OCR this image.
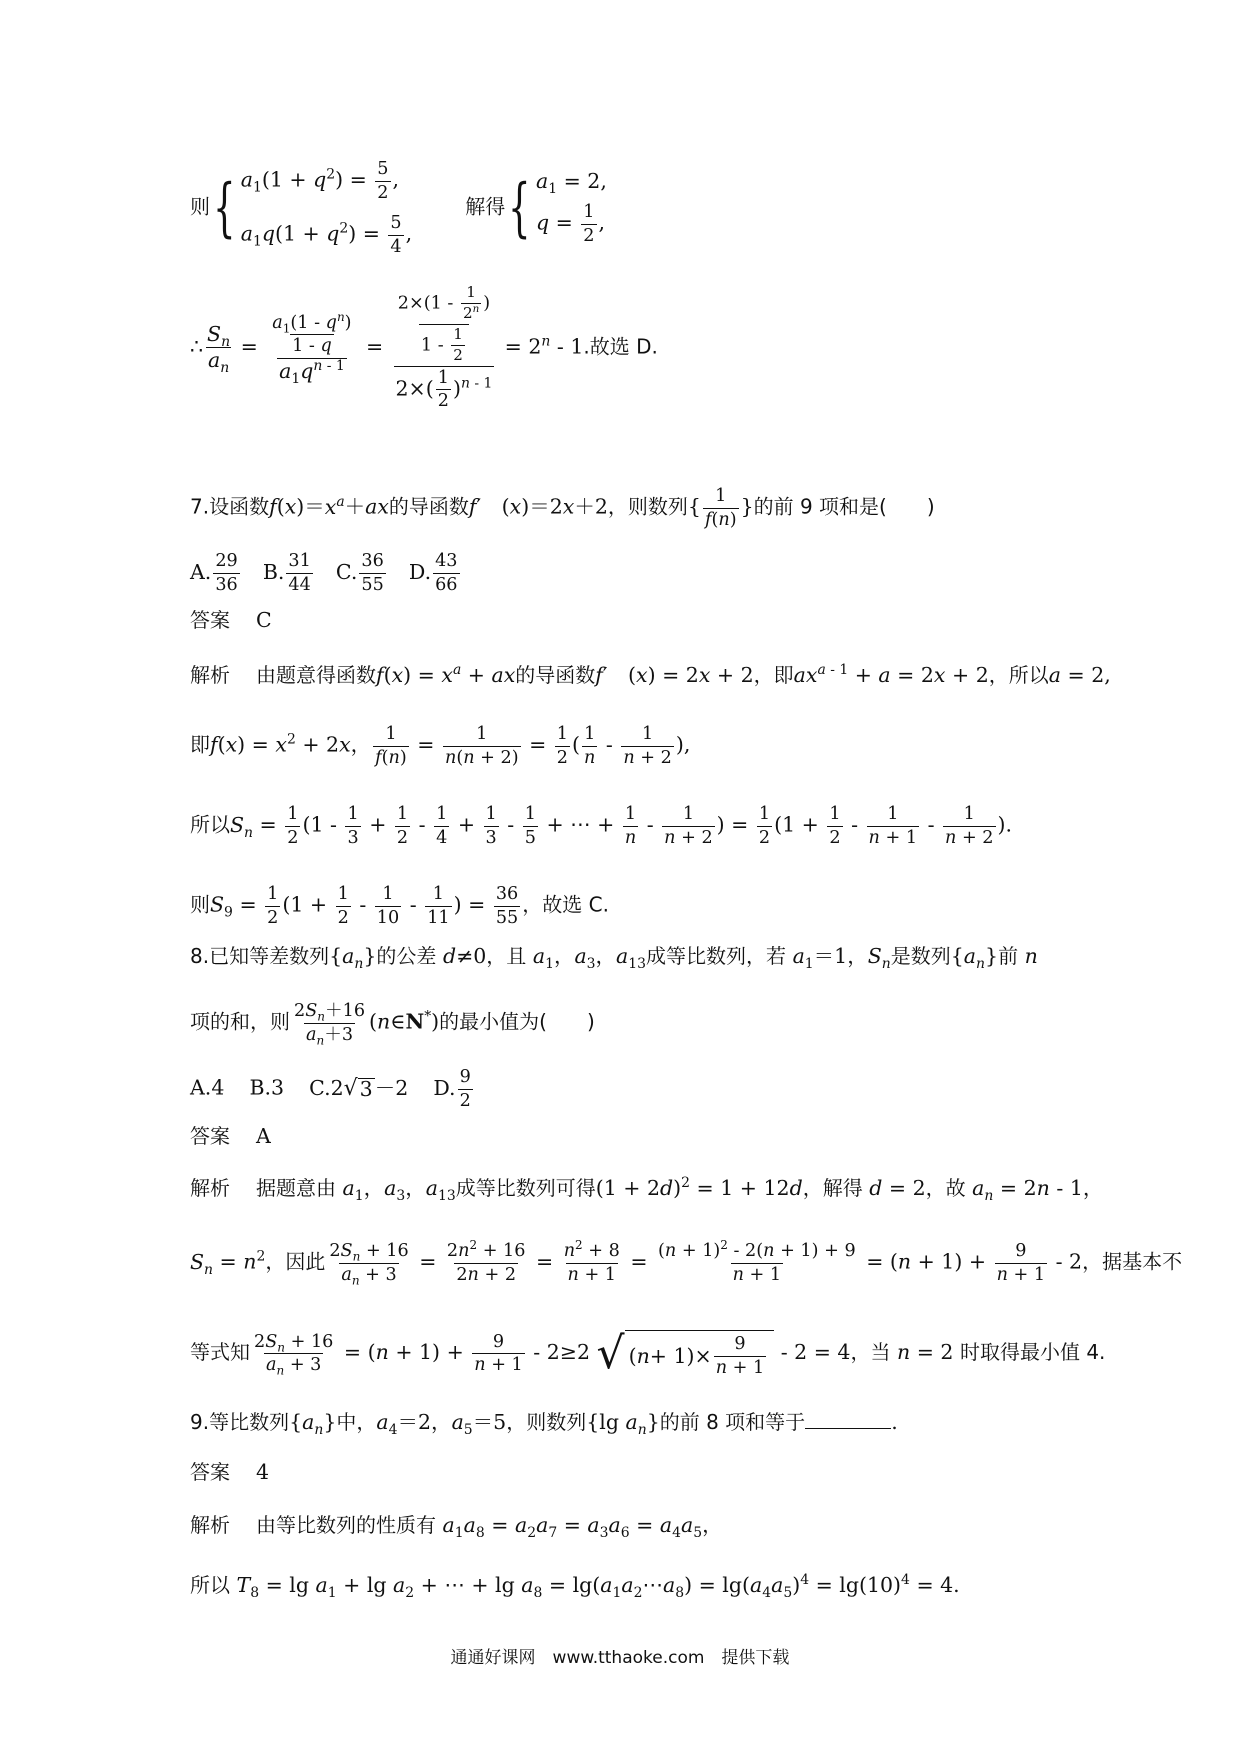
则 { $a_1(1 + q^2) = \frac{5}{2}$ ,
$a_1q(1 + q^2) = \frac{5}{4}$ ,
解得 { $a_1 = 2$,
$q = \frac{1}{2}$ ,
∴ $\frac{S_n}{a_n} = \frac{\frac{a_1(1 - q^n)}{1 - q}}{a_1q^{n - 1}} = \frac{\frac{2\times(1 - \frac{1}{2^n} )}{1 - \frac{1}{2}}}{2\times( \frac{1}{2} )^{n - 1}} = 2^n - 1$.故选 D.
7.设函数$f(x)=x^a+ax$的导函数f′　(x)＝2x＋2，则数列{ $\frac{1}{f(n)}$ }的前 9 项和是(　　)
A. $\frac{29}{36} B$. $\frac{31}{44} C$. $\frac{36}{55} D$. $\frac{43}{66}$
答案 C
解析 由题意得函数$f(x) = x^a$ + ax的导函数f′　(x) = 2x + 2，即$ax^{a - 1} + a = 2x + 2$，所以a = 2,
即$f(x) = x^2 + 2x$， $\frac{1}{f(n)} = \frac{1}{n(n + 2)} = \frac{1}{2}$ ( $\frac{1}{n} - \frac{1}{n + 2}$ ),
所以$S_n = \frac{1}{2} (1 - \frac{1}{3} + \frac{1}{2} - \frac{1}{4} + \frac{1}{3} - \frac{1}{5}$ + ⋯ + $\frac{1}{n} - \frac{1}{n + 2}$ ) = $\frac{1}{2} (1 + \frac{1}{2} - \frac{1}{n + 1} - \frac{1}{n + 2}$ ).
则$S_9 = \frac{1}{2} (1 + \frac{1}{2} - \frac{1}{10} - \frac{1}{11}$ ) = $\frac{36}{55}$ ，故选 C.
8.已知等差数列$\{a_n\}$的公差 d≠0，且 $a_1$，$a_3$，$a_{13}$成等比数列，若 $a_1=1$，$S_n$是数列$\{a_n\}$前 n
项的和，则 $\frac{2S_n+16}{a_n+3}$ (n∈N*)的最小值为(　　)
A.4 B.3 C.2 √ 3 －2 D. $\frac{9}{2}$
答案 A
解析 据题意由 $a_1$，$a_3$，$a_{13}$成等比数列可得$(1 + 2d)^2 = 1 + 12d$，解得 d = 2，故 $a_n = 2n - 1$，
$S_n = n^2$，因此 $\frac{2S_n + 16}{a_n + 3} = \frac{2n^2 + 16}{2n + 2} = \frac{n^2 + 8}{n + 1} = \frac{(n + 1)^2 - 2(n + 1) + 9}{n + 1} = (n + 1) + \frac{9}{n + 1} - 2$，据基本不
等式知 $\frac{2S_n + 16}{a_n + 3} = (n + 1) + \frac{9}{n + 1} - 2\ge 2$ √ ( n + 1)× 9
n + 1
- 2 = 4，当 n = 2 时取得最小值 4.
9.等比数列$\{a_n\}$中，$a_4=2$，$a_5=5$，则数列{lg $a_n$}的前 8 项和等于	.
答案 4
解析 由等比数列的性质有 $a_1a_8 = a_2a_7 = a_3a_6 = a_4a_5$，
所以 $T_8 = \lg a_1 + \lg a_2$ + ⋯ + $\lg a_8$ = $\lg(a_1a_2\cdots a_8) = \lg(a_4a_5)^4 = \lg(10)^4 = 4$.
通通好课网　www.tthaoke.com　提供下载
